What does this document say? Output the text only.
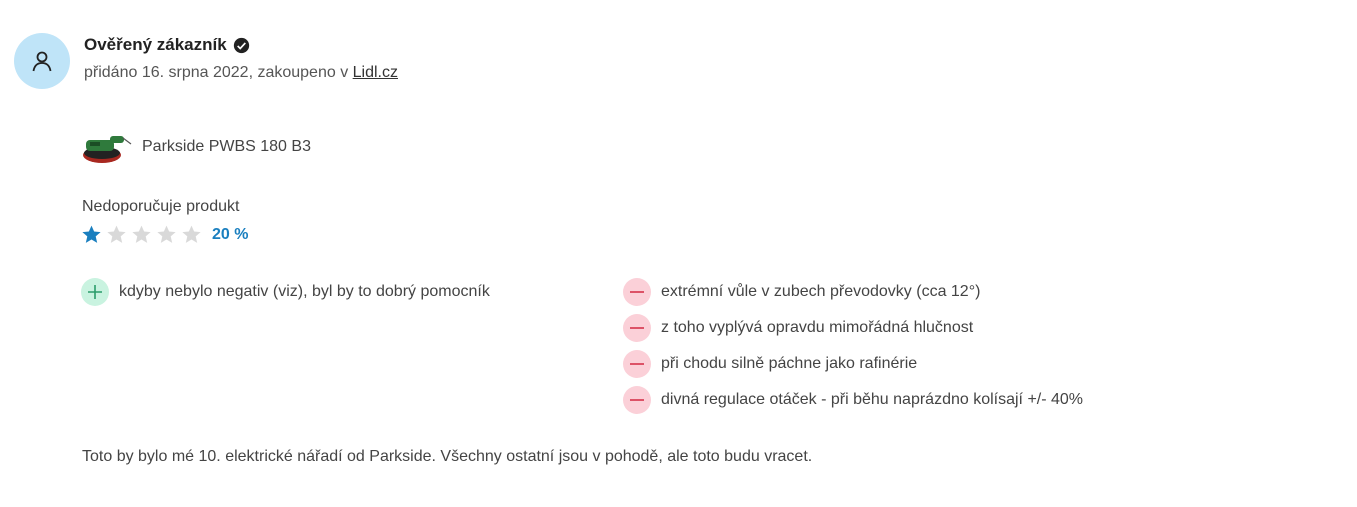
Ověřený zákazník
přidáno 16. srpna 2022, zakoupeno v Lidl.cz
Parkside PWBS 180 B3
Nedoporučuje produkt
20 %
kdyby nebylo negativ (viz), byl by to dobrý pomocník	extrémní vůle v zubech převodovky (cca 12°)
z toho vyplývá opravdu mimořádná hlučnost
při chodu silně páchne jako rafinérie
divná regulace otáček - při běhu naprázdno kolísají +/- 40%
Toto by bylo mé 10. elektrické nářadí od Parkside. Všechny ostatní jsou v pohodě, ale toto budu vracet.
